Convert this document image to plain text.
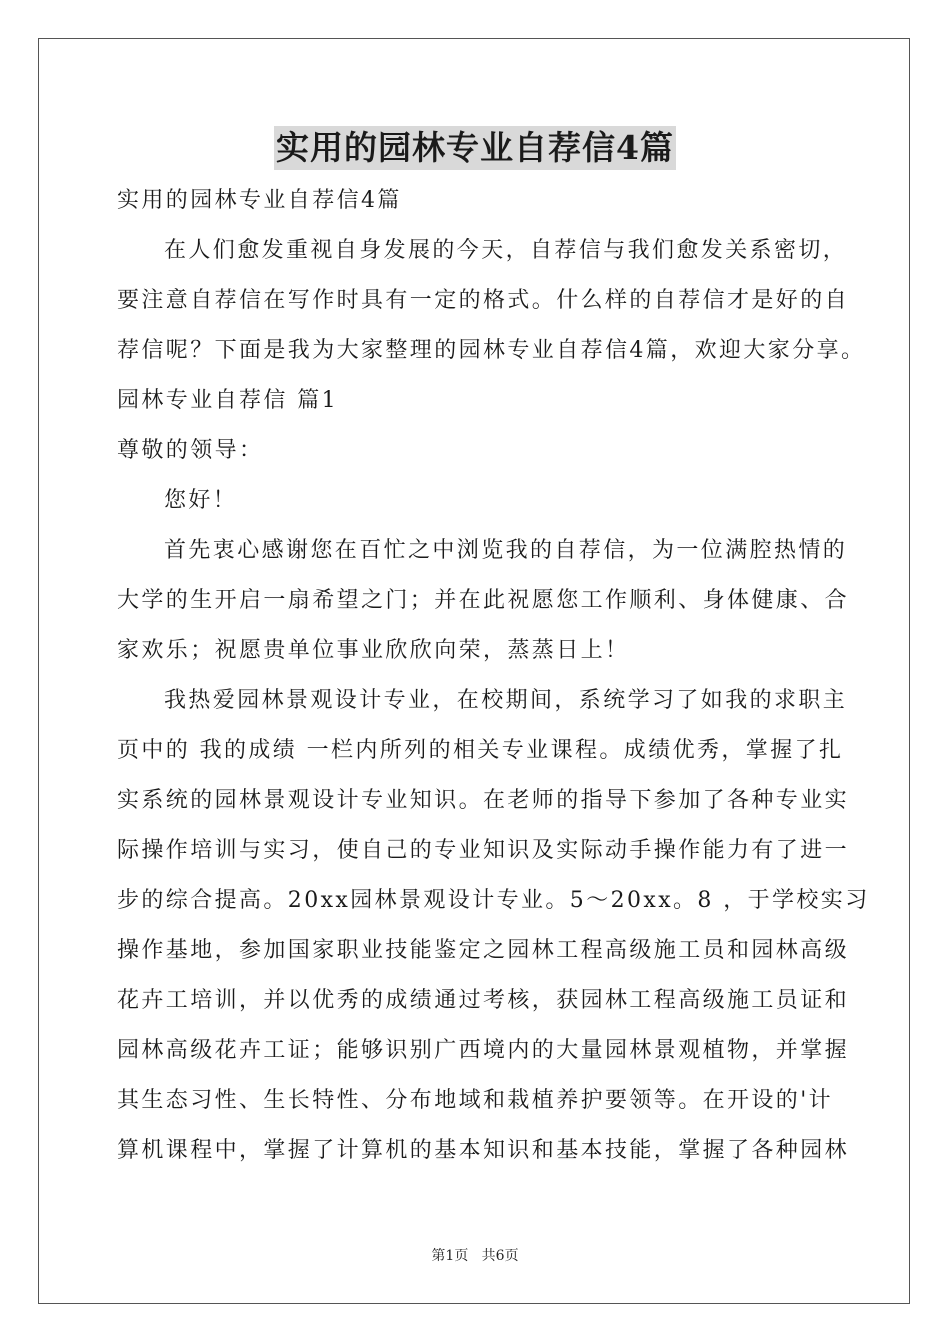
实用的园林专业自荐信4篇
实用的园林专业自荐信4篇
在人们愈发重视自身发展的今天，自荐信与我们愈发关系密切，
要注意自荐信在写作时具有一定的格式。什么样的自荐信才是好的自
荐信呢？下面是我为大家整理的园林专业自荐信4篇，欢迎大家分享。
园林专业自荐信 篇1
尊敬的领导：
您好！
首先衷心感谢您在百忙之中浏览我的自荐信，为一位满腔热情的
大学的生开启一扇希望之门；并在此祝愿您工作顺利、身体健康、合
家欢乐；祝愿贵单位事业欣欣向荣，蒸蒸日上！
我热爱园林景观设计专业，在校期间，系统学习了如我的求职主
页中的 我的成绩 一栏内所列的相关专业课程。成绩优秀，掌握了扎
实系统的园林景观设计专业知识。在老师的指导下参加了各种专业实
际操作培训与实习，使自己的专业知识及实际动手操作能力有了进一
步的综合提高。20xx园林景观设计专业。5～20xx。8 ，于学校实习
操作基地，参加国家职业技能鉴定之园林工程高级施工员和园林高级
花卉工培训，并以优秀的成绩通过考核，获园林工程高级施工员证和
园林高级花卉工证；能够识别广西境内的大量园林景观植物，并掌握
其生态习性、生长特性、分布地域和栽植养护要领等。在开设的'计
算机课程中，掌握了计算机的基本知识和基本技能，掌握了各种园林
第1页   共6页
